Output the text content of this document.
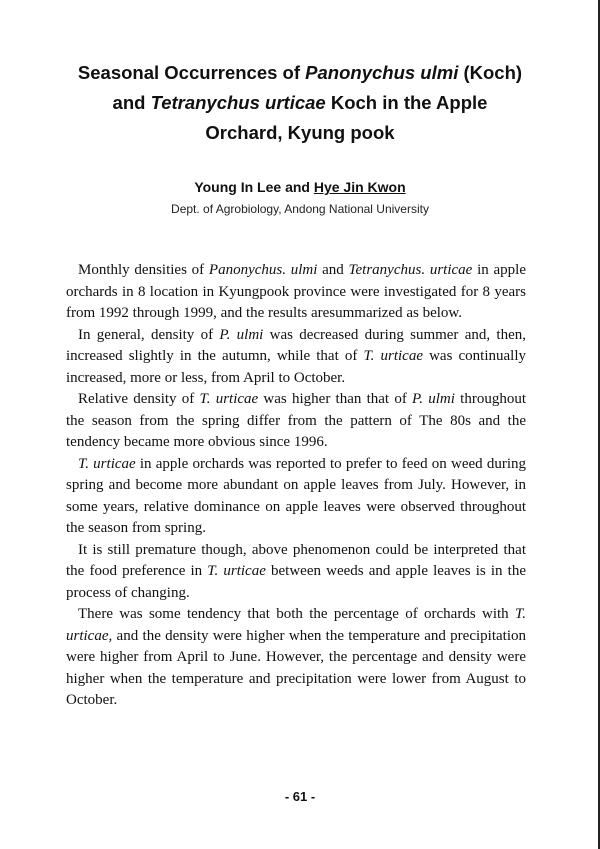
Seasonal Occurrences of Panonychus ulmi (Koch)
and Tetranychus urticae Koch in the Apple
Orchard, Kyung pook
Young In Lee and Hye Jin Kwon
Dept. of Agrobiology, Andong National University

Monthly densities of Panonychus. ulmi and Tetranychus. urticae in apple orchards in 8 location in Kyungpook province were investigated for 8 years from 1992 through 1999, and the results aresummarized as below.

In general, density of P. ulmi was decreased during summer and, then, increased slightly in the autumn, while that of T. urticae was continually increased, more or less, from April to October.

Relative density of T. urticae was higher than that of P. ulmi throughout the season from the spring differ from the pattern of The 80s and the tendency became more obvious since 1996.

T. urticae in apple orchards was reported to prefer to feed on weed during spring and become more abundant on apple leaves from July. However, in some years, relative dominance on apple leaves were observed throughout the season from spring.

It is still premature though, above phenomenon could be interpreted that the food preference in T. urticae between weeds and apple leaves is in the process of changing.

There was some tendency that both the percentage of orchards with T. urticae, and the density were higher when the temperature and precipitation were higher from April to June. However, the percentage and density were higher when the temperature and precipitation were lower from August to October.

- 61 -
